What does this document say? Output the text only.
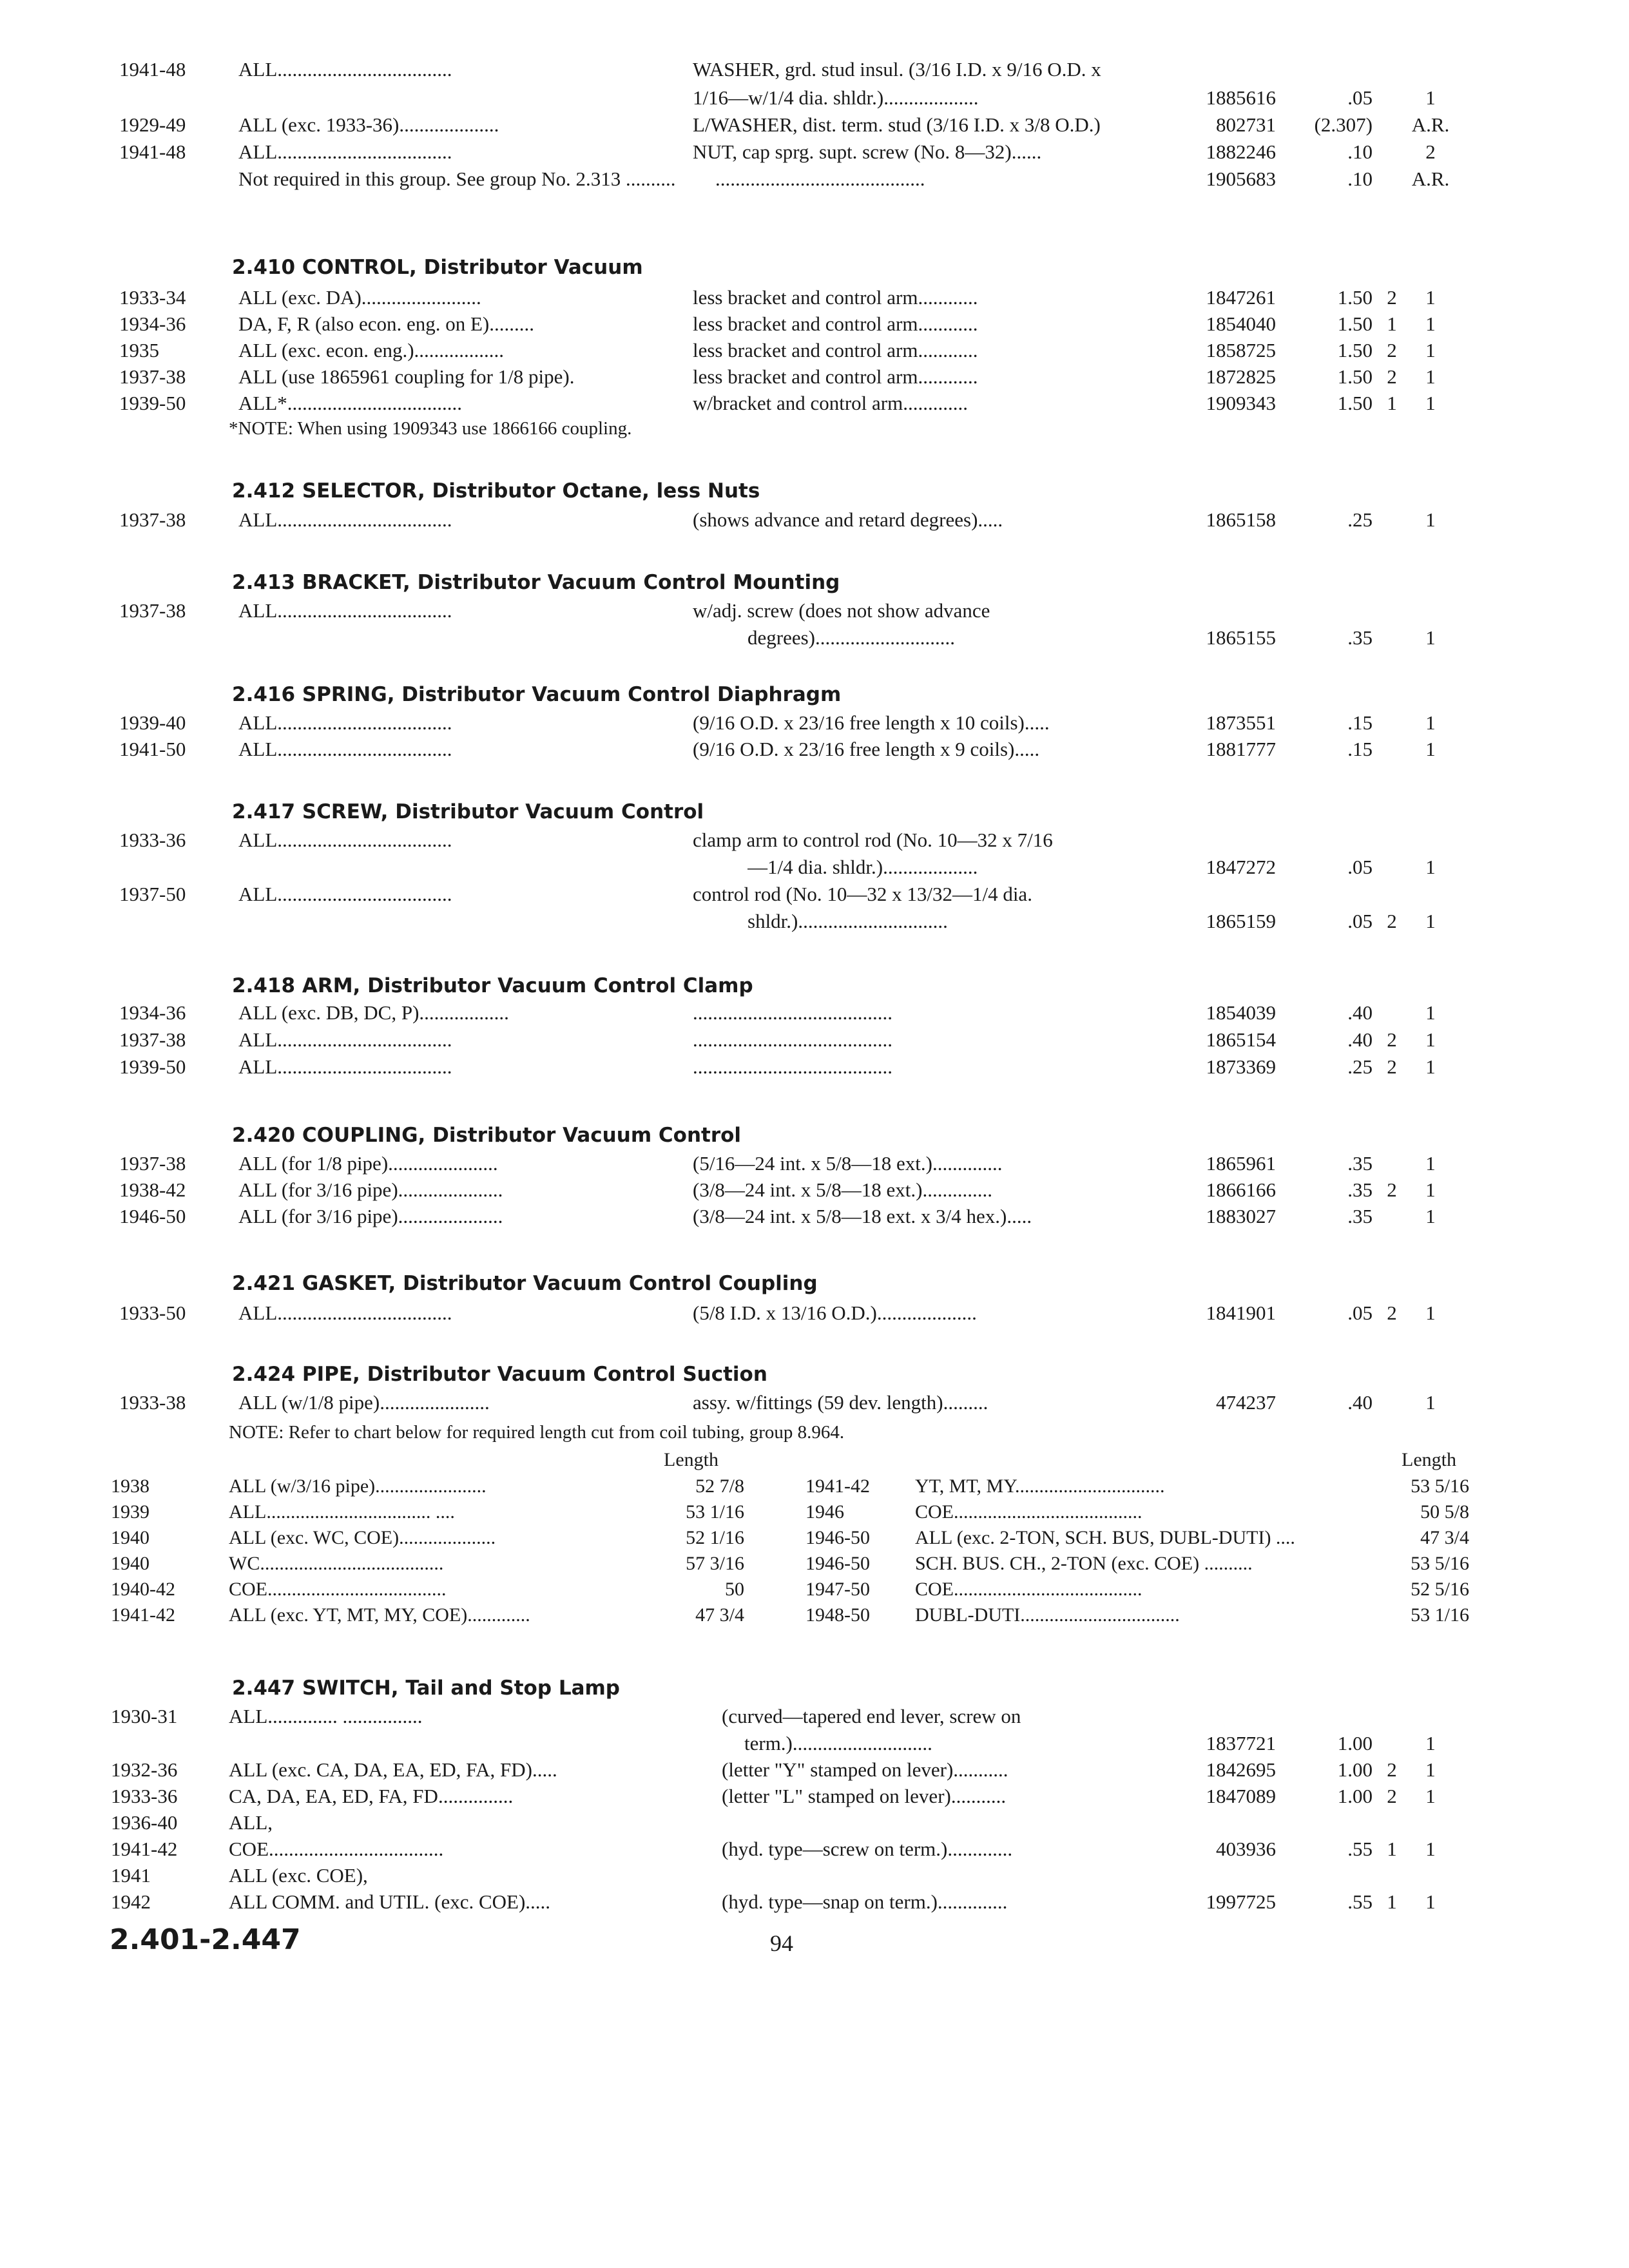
1941-48	ALL...................................	WASHER, grd. stud insul. (3/16 I.D. x 9/16 O.D. x
1/16—w/1/4 dia. shldr.)...................	1885616	.05	1
1929-49	ALL (exc. 1933-36)....................	L/WASHER, dist. term. stud (3/16 I.D. x 3/8 O.D.)	802731	(2.307) A.R.
1941-48	ALL...................................	NUT, cap sprg. supt. screw (No. 8—32)......	1882246	.10	2
Not required in this group. See group No. 2.313 ..........	..........................................	1905683	.10 A.R.
2.410 CONTROL, Distributor Vacuum
1933-34	ALL (exc. DA)........................	less bracket and control arm............	1847261	1.50 2	1
1934-36	DA, F, R (also econ. eng. on E).........	less bracket and control arm............	1854040	1.50 1	1
1935	ALL (exc. econ. eng.)..................	less bracket and control arm............	1858725	1.50 2	1
1937-38	ALL (use 1865961 coupling for 1/8 pipe).	less bracket and control arm............	1872825	1.50 2	1
1939-50	ALL*...................................	w/bracket and control arm.............	1909343	1.50 1	1
*NOTE: When using 1909343 use 1866166 coupling.
2.412 SELECTOR, Distributor Octane, less Nuts
1937-38	ALL...................................	(shows advance and retard degrees).....	1865158	.25	1
2.413 BRACKET, Distributor Vacuum Control Mounting
1937-38	ALL...................................	w/adj. screw (does not show advance
degrees)............................	1865155	.35	1
2.416 SPRING, Distributor Vacuum Control Diaphragm
1939-40	ALL...................................	(9/16 O.D. x 23/16 free length x 10 coils).....	1873551	.15	1
1941-50	ALL...................................	(9/16 O.D. x 23/16 free length x 9 coils).....	1881777	.15	1
2.417 SCREW, Distributor Vacuum Control
1933-36	ALL...................................	clamp arm to control rod (No. 10—32 x 7/16
—1/4 dia. shldr.)...................	1847272	.05	1
1937-50	ALL...................................	control rod (No. 10—32 x 13/32—1/4 dia.
shldr.)..............................	1865159	.05 2	1
2.418 ARM, Distributor Vacuum Control Clamp
1934-36	ALL (exc. DB, DC, P)..................	........................................	1854039	.40	1
1937-38	ALL...................................	........................................	1865154	.40 2	1
1939-50	ALL...................................	........................................	1873369	.25 2	1
2.420 COUPLING, Distributor Vacuum Control
1937-38	ALL (for 1/8 pipe)......................	(5/16—24 int. x 5/8—18 ext.)..............	1865961	.35	1
1938-42	ALL (for 3/16 pipe).....................	(3/8—24 int. x 5/8—18 ext.)..............	1866166	.35 2	1
1946-50	ALL (for 3/16 pipe).....................	(3/8—24 int. x 5/8—18 ext. x 3/4 hex.).....	1883027	.35	1
2.421 GASKET, Distributor Vacuum Control Coupling
1933-50	ALL...................................	(5/8 I.D. x 13/16 O.D.)....................	1841901	.05 2	1
2.424 PIPE, Distributor Vacuum Control Suction
1933-38	ALL (w/1/8 pipe)......................	assy. w/fittings (59 dev. length).........	474237	.40	1
NOTE: Refer to chart below for required length cut from coil tubing, group 8.964.
Length	Length
1938	ALL (w/3/16 pipe).......................	52 7/8	1941-42 YT, MT, MY...............................	53 5/16
1939	ALL.................................. ....	53 1/16	1946	COE.......................................	50 5/8
1940	ALL (exc. WC, COE)....................	52 1/16	1946-50 ALL (exc. 2-TON, SCH. BUS, DUBL-DUTI) ....	47 3/4
1940	WC......................................	57 3/16	1946-50 SCH. BUS. CH., 2-TON (exc. COE) ..........	53 5/16
1940-42	COE.....................................	50	1947-50 COE.......................................	52 5/16
1941-42	ALL (exc. YT, MT, MY, COE).............	47 3/4	1948-50 DUBL-DUTI.................................	53 1/16
2.447 SWITCH, Tail and Stop Lamp
1930-31	ALL.............. ................	(curved—tapered end lever, screw on
term.)............................	1837721	1.00	1
1932-36	ALL (exc. CA, DA, EA, ED, FA, FD).....	(letter "Y" stamped on lever)...........	1842695	1.00 2	1
1933-36	CA, DA, EA, ED, FA, FD...............	(letter "L" stamped on lever)...........	1847089	1.00 2	1
1936-40	ALL,
1941-42	COE...................................	(hyd. type—screw on term.).............	403936	.55 1	1
1941	ALL (exc. COE),
1942	ALL COMM. and UTIL. (exc. COE).....	(hyd. type—snap on term.)..............	1997725	.55 1	1
2.401-2.447	94
